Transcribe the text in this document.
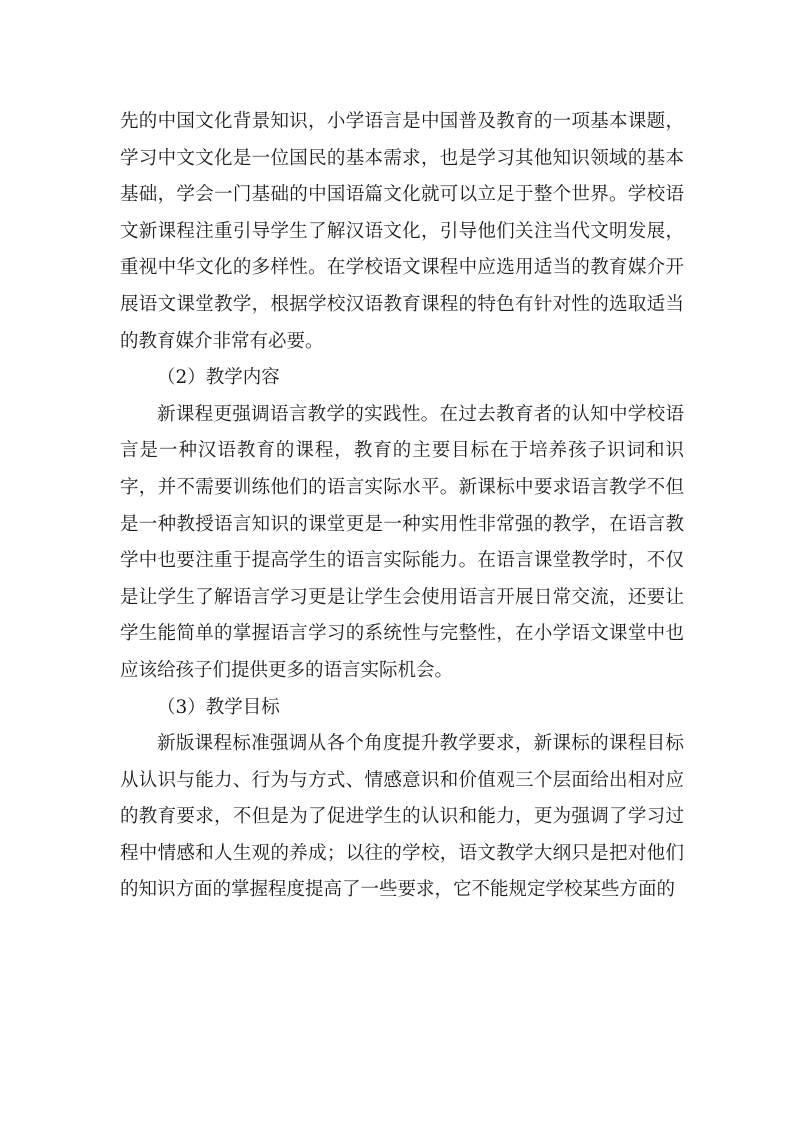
先的中国文化背景知识，小学语言是中国普及教育的一项基本课题，学习中文文化是一位国民的基本需求，也是学习其他知识领域的基本基础，学会一门基础的中国语篇文化就可以立足于整个世界。学校语文新课程注重引导学生了解汉语文化，引导他们关注当代文明发展，重视中华文化的多样性。在学校语文课程中应选用适当的教育媒介开展语文课堂教学，根据学校汉语教育课程的特色有针对性的选取适当的教育媒介非常有必要。

（2）教学内容

新课程更强调语言教学的实践性。在过去教育者的认知中学校语言是一种汉语教育的课程，教育的主要目标在于培养孩子识词和识字，并不需要训练他们的语言实际水平。新课标中要求语言教学不但是一种教授语言知识的课堂更是一种实用性非常强的教学，在语言教学中也要注重于提高学生的语言实际能力。在语言课堂教学时，不仅是让学生了解语言学习更是让学生会使用语言开展日常交流，还要让学生能简单的掌握语言学习的系统性与完整性，在小学语文课堂中也应该给孩子们提供更多的语言实际机会。

（3）教学目标

新版课程标准强调从各个角度提升教学要求，新课标的课程目标从认识与能力、行为与方式、情感意识和价值观三个层面给出相对应的教育要求，不但是为了促进学生的认识和能力，更为强调了学习过程中情感和人生观的养成；以往的学校，语文教学大纲只是把对他们的知识方面的掌握程度提高了一些要求，它不能规定学校某些方面的
